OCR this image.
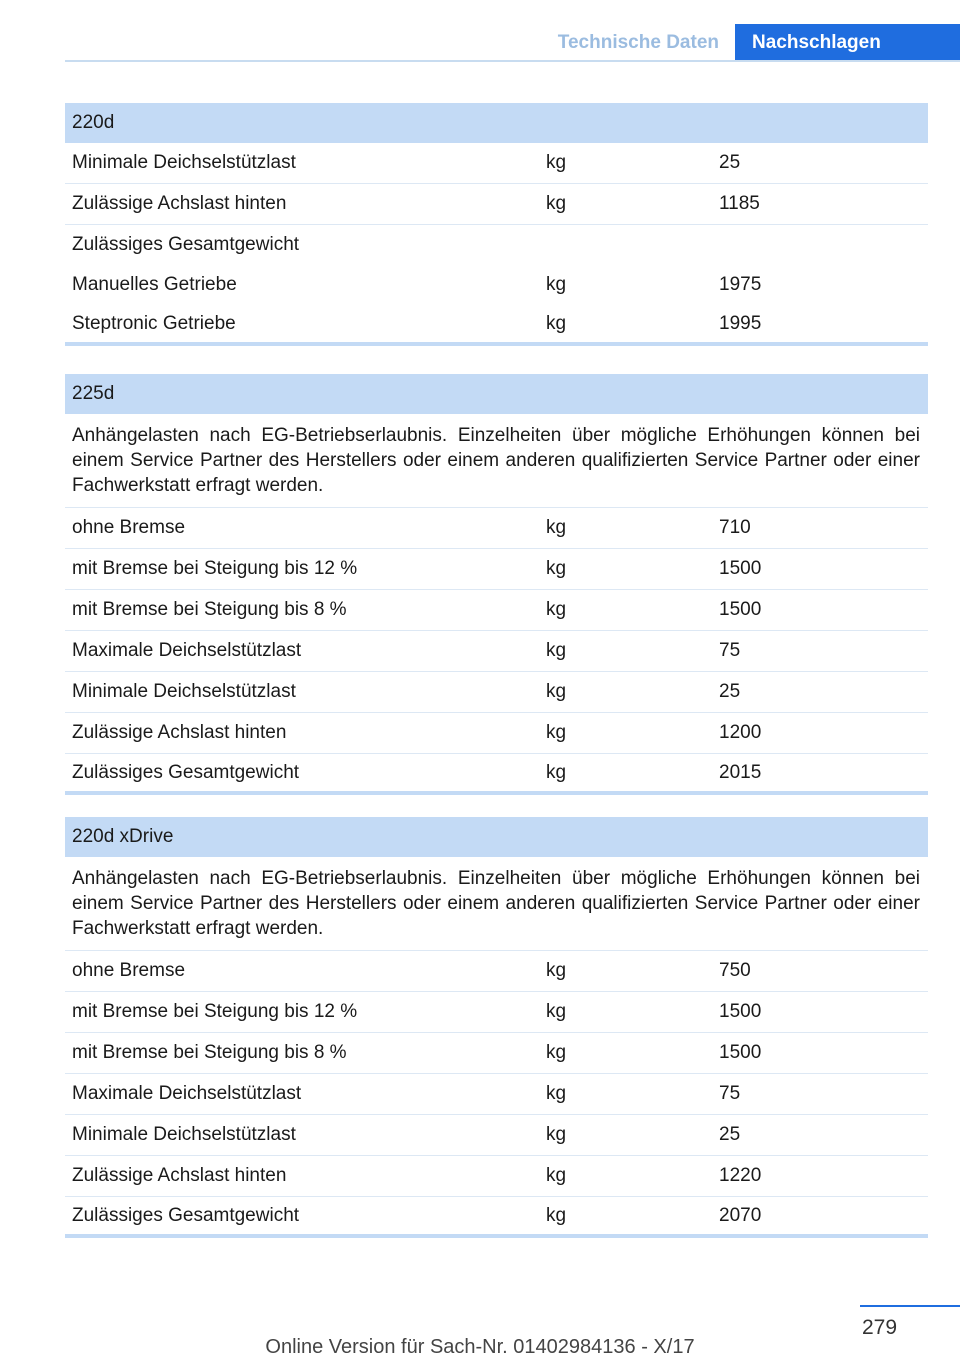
Technische Daten	Nachschlagen
220d
Minimale Deichselstützlast	kg	25
Zulässige Achslast hinten	kg	1185
Zulässiges Gesamtgewicht
Manuelles Getriebe	kg	1975
Steptronic Getriebe	kg	1995
225d
Anhängelasten nach EG-Betriebserlaubnis. Einzelheiten über mögliche Erhöhungen können bei einem Service Partner des Herstellers oder einem anderen qualifizierten Service Partner oder einer Fachwerkstatt erfragt werden.
ohne Bremse	kg	710
mit Bremse bei Steigung bis 12 %	kg	1500
mit Bremse bei Steigung bis 8 %	kg	1500
Maximale Deichselstützlast	kg	75
Minimale Deichselstützlast	kg	25
Zulässige Achslast hinten	kg	1200
Zulässiges Gesamtgewicht	kg	2015
220d xDrive
Anhängelasten nach EG-Betriebserlaubnis. Einzelheiten über mögliche Erhöhungen können bei einem Service Partner des Herstellers oder einem anderen qualifizierten Service Partner oder einer Fachwerkstatt erfragt werden.
ohne Bremse	kg	750
mit Bremse bei Steigung bis 12 %	kg	1500
mit Bremse bei Steigung bis 8 %	kg	1500
Maximale Deichselstützlast	kg	75
Minimale Deichselstützlast	kg	25
Zulässige Achslast hinten	kg	1220
Zulässiges Gesamtgewicht	kg	2070
279
Online Version für Sach-Nr. 01402984136 - X/17
